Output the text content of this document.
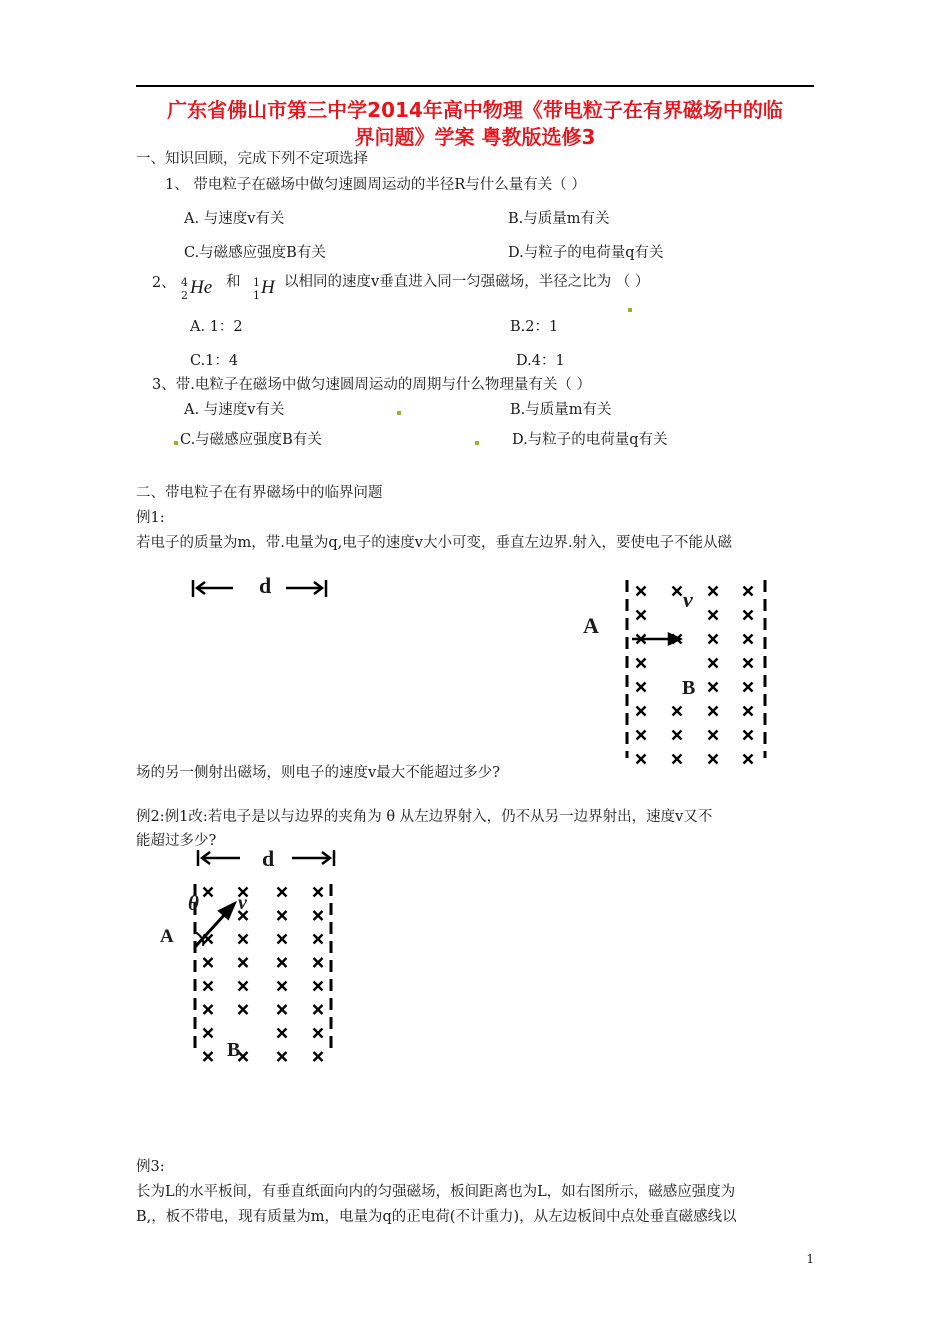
广东省佛山市第三中学2014年高中物理《带电粒子在有界磁场中的临
界问题》学案 粤教版选修3
一、知识回顾，完成下列不定项选择
1、 带电粒子在磁场中做匀速圆周运动的半径R与什么量有关（ ）
A. 与速度v有关	B.与质量m有关
C.与磁感应强度B有关	D.与粒子的电荷量q有关
2、 4
2 He 和 1
1 H 以相同的速度v垂直进入同一匀强磁场，半径之比为 （ ）
A. 1：2	B.2：1
C.1：4	D.4：1
3、带.电粒子在磁场中做匀速圆周运动的周期与什么物理量有关（ ）
A. 与速度v有关	B.与质量m有关
C.与磁感应强度B有关	D.与粒子的电荷量q有关
二、带电粒子在有界磁场中的临界问题
例1:
若电子的质量为m，带.电量为q,电子的速度v大小可变，垂直左边界.射入，要使电子不能从磁
d
A
B
v
场的另一侧射出磁场，则电子的速度v最大不能超过多少?
例2:例1改:若电子是以与边界的夹角为 θ 从左边界射入，仍不从另一边界射出，速度v又不
能超过多少?
d
A
B
v
θ
例3:
长为L的水平板间，有垂直纸面向内的匀强磁场，板间距离也为L，如右图所示，磁感应强度为
B,，板不带电，现有质量为m，电量为q的正电荷(不计重力)，从左边板间中点处垂直磁感线以
1
